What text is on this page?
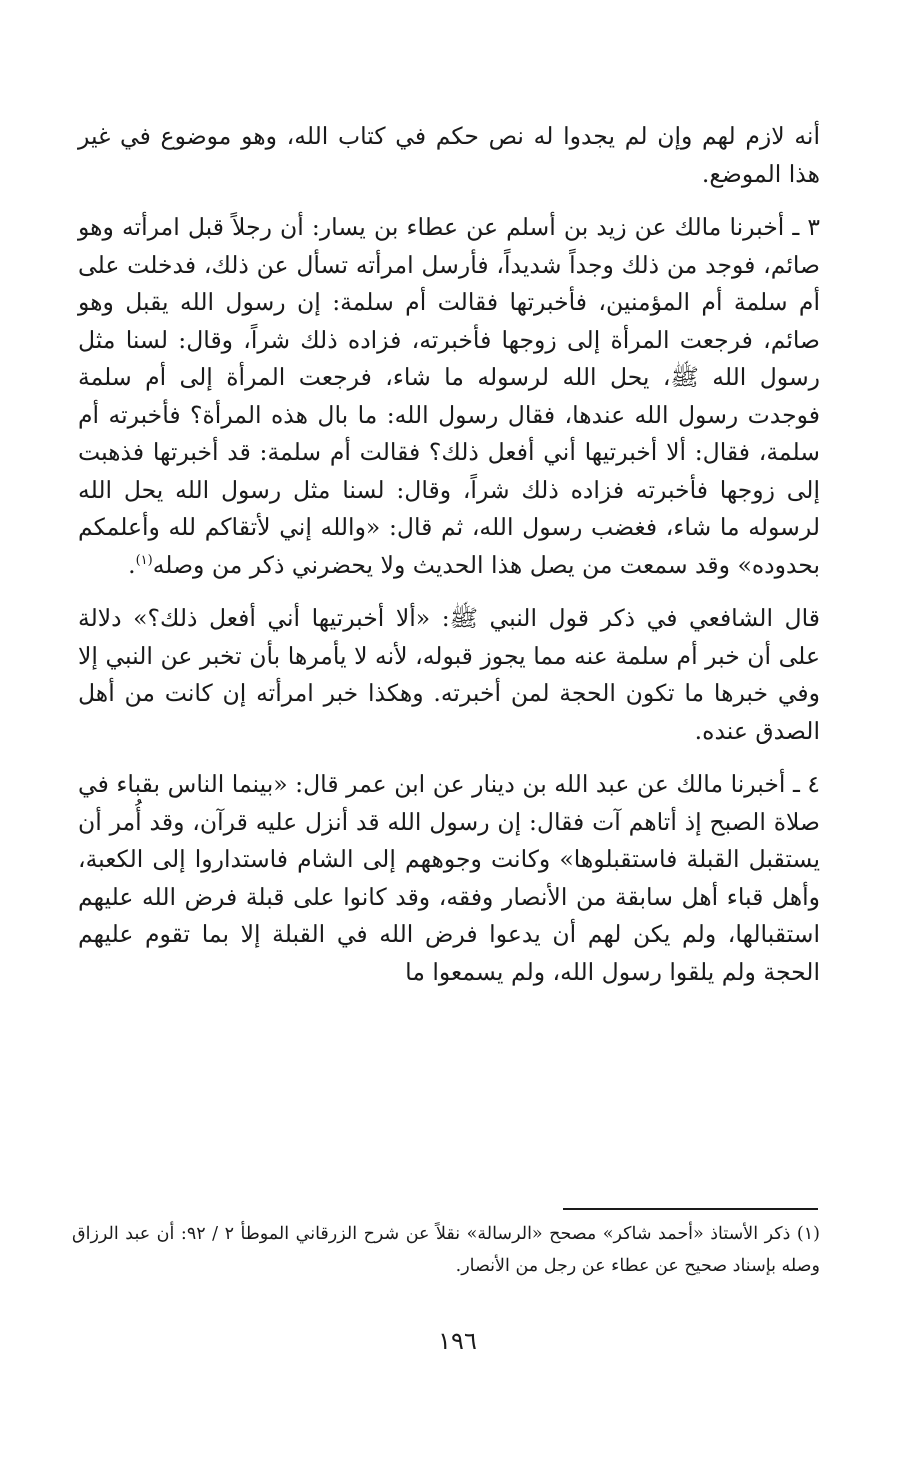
أنه لازم لهم وإن لم يجدوا له نص حكم في كتاب الله، وهو موضوع في غير هذا الموضع.

٣ ـ أخبرنا مالك عن زيد بن أسلم عن عطاء بن يسار: أن رجلاً قبل امرأته وهو صائم، فوجد من ذلك وجداً شديداً، فأرسل امرأته تسأل عن ذلك، فدخلت على أم سلمة أم المؤمنين، فأخبرتها فقالت أم سلمة: إن رسول الله يقبل وهو صائم، فرجعت المرأة إلى زوجها فأخبرته، فزاده ذلك شراً، وقال: لسنا مثل رسول الله ﷺ، يحل الله لرسوله ما شاء، فرجعت المرأة إلى أم سلمة فوجدت رسول الله عندها، فقال رسول الله: ما بال هذه المرأة؟ فأخبرته أم سلمة، فقال: ألا أخبرتيها أني أفعل ذلك؟ فقالت أم سلمة: قد أخبرتها فذهبت إلى زوجها فأخبرته فزاده ذلك شراً، وقال: لسنا مثل رسول الله يحل الله لرسوله ما شاء، فغضب رسول الله، ثم قال: «والله إني لأتقاكم لله وأعلمكم بحدوده» وقد سمعت من يصل هذا الحديث ولا يحضرني ذكر من وصله$^{(١)}$.

قال الشافعي في ذكر قول النبي ﷺ: «ألا أخبرتيها أني أفعل ذلك؟» دلالة على أن خبر أم سلمة عنه مما يجوز قبوله، لأنه لا يأمرها بأن تخبر عن النبي إلا وفي خبرها ما تكون الحجة لمن أخبرته. وهكذا خبر امرأته إن كانت من أهل الصدق عنده.

٤ ـ أخبرنا مالك عن عبد الله بن دينار عن ابن عمر قال: «بينما الناس بقباء في صلاة الصبح إذ أتاهم آت فقال: إن رسول الله قد أنزل عليه قرآن، وقد أُمر أن يستقبل القبلة فاستقبلوها» وكانت وجوههم إلى الشام فاستداروا إلى الكعبة، وأهل قباء أهل سابقة من الأنصار وفقه، وقد كانوا على قبلة فرض الله عليهم استقبالها، ولم يكن لهم أن يدعوا فرض الله في القبلة إلا بما تقوم عليهم الحجة ولم يلقوا رسول الله، ولم يسمعوا ما

(١) ذكر الأستاذ «أحمد شاكر» مصحح «الرسالة» نقلاً عن شرح الزرقاني الموطأ ٢ / ٩٢: أن عبد الرزاق وصله بإسناد صحيح عن عطاء عن رجل من الأنصار.

١٩٦
